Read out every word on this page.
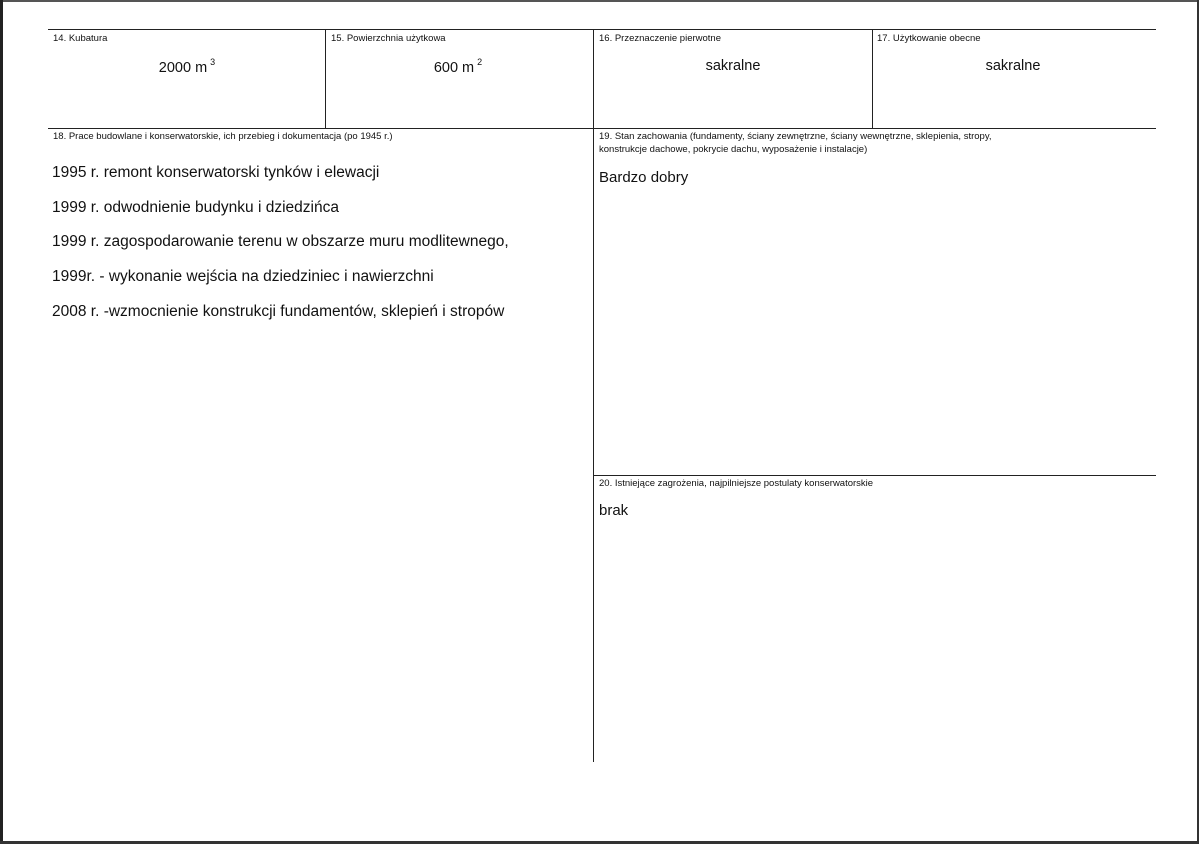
14. Kubatura
2000 m $^3$
15. Powierzchnia użytkowa
600 m $^2$
16. Przeznaczenie pierwotne
sakralne
17. Użytkowanie obecne
sakralne
18. Prace budowlane i konserwatorskie, ich przebieg i dokumentacja (po 1945 r.)
1995 r. remont konserwatorski tynków i elewacji
1999 r. odwodnienie budynku i dziedzińca
1999 r. zagospodarowanie terenu w obszarze muru modlitewnego,
1999r. - wykonanie wejścia na dziedziniec i nawierzchni
2008 r. -wzmocnienie konstrukcji fundamentów, sklepień i stropów
19. Stan zachowania (fundamenty, ściany zewnętrzne, ściany wewnętrzne, sklepienia, stropy,
konstrukcje dachowe, pokrycie dachu, wyposażenie i instalacje)
Bardzo dobry
20. Istniejące zagrożenia, najpilniejsze postulaty konserwatorskie
brak
